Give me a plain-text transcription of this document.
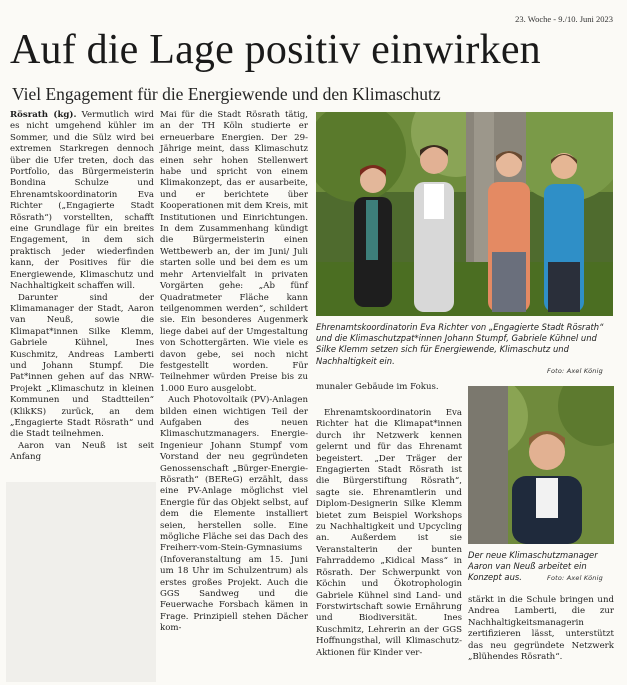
23. Woche - 9./10. Juni 2023
Auf die Lage positiv einwirken
Viel Engagement für die Energiewende und den Klimaschutz

Rösrath (kg). Vermutlich wird es nicht umgehend kühler im Sommer, und die Sülz wird bei extremen Starkregen dennoch über die Ufer treten, doch das Portfolio, das Bürgermeisterin Bondina Schulze und Ehrenamtskoordinatorin Eva Richter („Engagierte Stadt Rösrath“) vorstellten, schafft eine Grundlage für ein breites Engagement, in dem sich praktisch jeder wiederfinden kann, der Positives für die Energiewende, Klimaschutz und Nachhaltigkeit schaffen will.

Darunter sind der Klimamanager der Stadt, Aaron van Neuß, sowie die Klimapat*innen Silke Klemm, Gabriele Kühnel, Ines Kuschmitz, Andreas Lamberti und Johann Stumpf. Die Pat*innen gehen auf das NRW-Projekt „Klimaschutz in kleinen Kommunen und Stadtteilen“ (KlikKS) zurück, an dem „Engagierte Stadt Rösrath“ und die Stadt teilnehmen.

Aaron van Neuß ist seit Anfang

Mai für die Stadt Rösrath tätig, an der TH Köln studierte er erneuerbare Energien. Der 29-Jährige meint, dass Klimaschutz einen sehr hohen Stellenwert habe und spricht von einem Klimakonzept, das er ausarbeite, und er berichtete über Kooperationen mit dem Kreis, mit Institutionen und Einrichtungen. In dem Zusammenhang kündigt die Bürgermeisterin einen Wettbewerb an, der im Juni/ Juli starten solle und bei dem es um mehr Artenvielfalt in privaten Vorgärten gehe: „Ab fünf Quadratmeter Fläche kann teilgenommen werden“, schildert sie. Ein besonderes Augenmerk liege dabei auf der Umgestaltung von Schottergärten. Wie viele es davon gebe, sei noch nicht festgestellt worden. Für Teilnehmer würden Preise bis zu 1.000 Euro ausgelobt.

Auch Photovoltaik (PV)-Anlagen bilden einen wichtigen Teil der Aufgaben des neuen Klimaschutzmanagers. Energie-Ingenieur Johann Stumpf vom Vorstand der neu gegründeten Genossenschaft „Bürger-Energie-Rösrath“ (BEReG) erzählt, dass eine PV-Anlage möglichst viel Energie für das Objekt selbst, auf dem die Elemente installiert seien, herstellen solle. Eine mögliche Fläche sei das Dach des Freiherr-vom-Stein-Gymnasiums (Infoveranstaltung am 15. Juni um 18 Uhr im Schulzentrum) als erstes großes Projekt. Auch die GGS Sandweg und die Feuerwache Forsbach kämen in Frage. Prinzipiell stehen Dächer kom-

Ehrenamtskoordinatorin Eva Richter von „Engagierte Stadt Rösrath“ und die Klimaschutzpat*innen Johann Stumpf, Gabriele Kühnel und Silke Klemm setzen sich für Energiewende, Klimaschutz und Nachhaltigkeit ein.
Foto: Axel König

munaler Gebäude im Fokus.

Ehrenamtskoordinatorin Eva Richter hat die Klimapat*innen durch ihr Netzwerk kennen gelernt und für das Ehrenamt begeistert. „Der Träger der Engagierten Stadt Rösrath ist die Bürgerstiftung Rösrath“, sagte sie. Ehrenamtlerin und Diplom-Designerin Silke Klemm bietet zum Beispiel Workshops zu Nachhaltigkeit und Upcycling an. Außerdem ist sie Veranstalterin der bunten Fahrraddemo „Kidical Mass“ in Rösrath. Der Schwerpunkt von Köchin und Ökotrophologin Gabriele Kühnel sind Land- und Forstwirtschaft sowie Ernährung und Biodiversität. Ines Kuschmitz, Lehrerin an der GGS Hoffnungsthal, will Klimaschutz-Aktionen für Kinder ver-

Der neue Klimaschutzmanager Aaron van Neuß arbeitet ein Konzept aus.	Foto: Axel König

stärkt in die Schule bringen und Andrea Lamberti, die zur Nachhaltigkeitsmanagerin zertifizieren lässt, unterstützt das neu gegründete Netzwerk „Blühendes Rösrath“.
